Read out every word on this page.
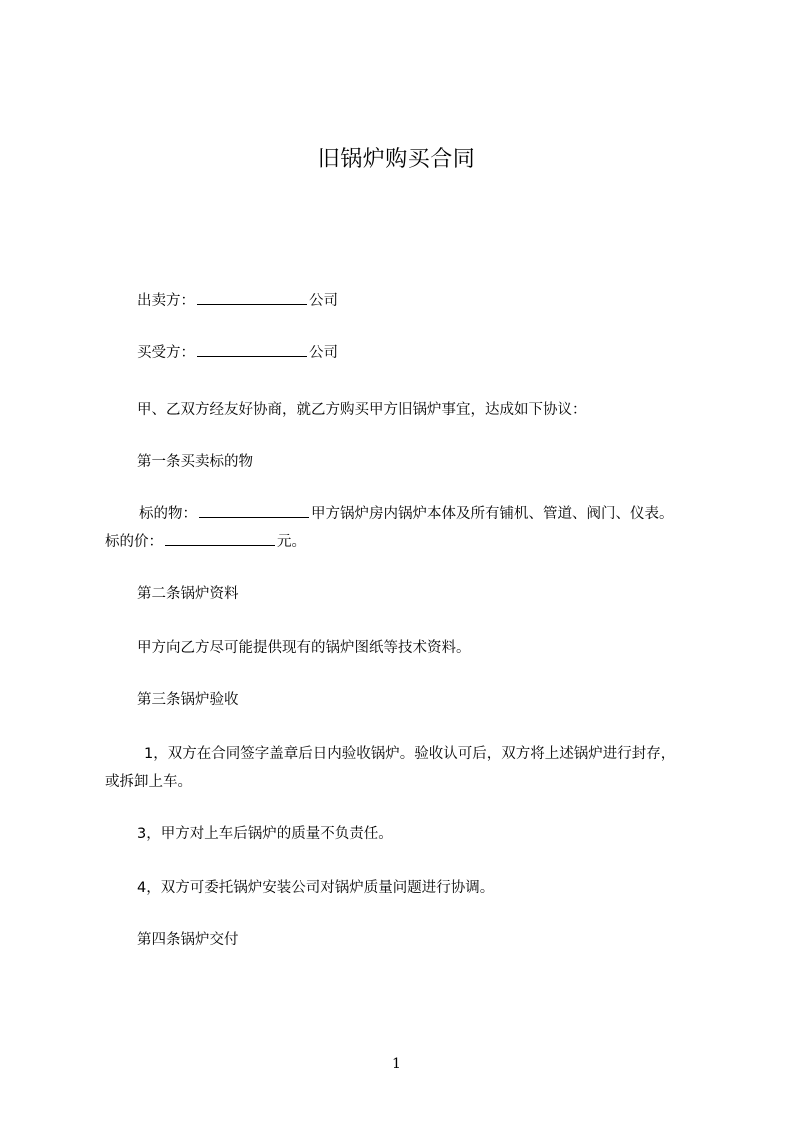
旧锅炉购买合同
出卖方：	公司
买受方：	公司
甲、乙双方经友好协商，就乙方购买甲方旧锅炉事宜，达成如下协议：
第一条买卖标的物
标的物：	甲方锅炉房内锅炉本体及所有铺机、管道、阀门、仪表。
标的价：	元。
第二条锅炉资料
甲方向乙方尽可能提供现有的锅炉图纸等技术资料。
第三条锅炉验收
1，双方在合同签字盖章后日内验收锅炉。验收认可后，双方将上述锅炉进行封存，
或拆卸上车。
3，甲方对上车后锅炉的质量不负责任。
4，双方可委托锅炉安装公司对锅炉质量问题进行协调。
第四条锅炉交付
1
